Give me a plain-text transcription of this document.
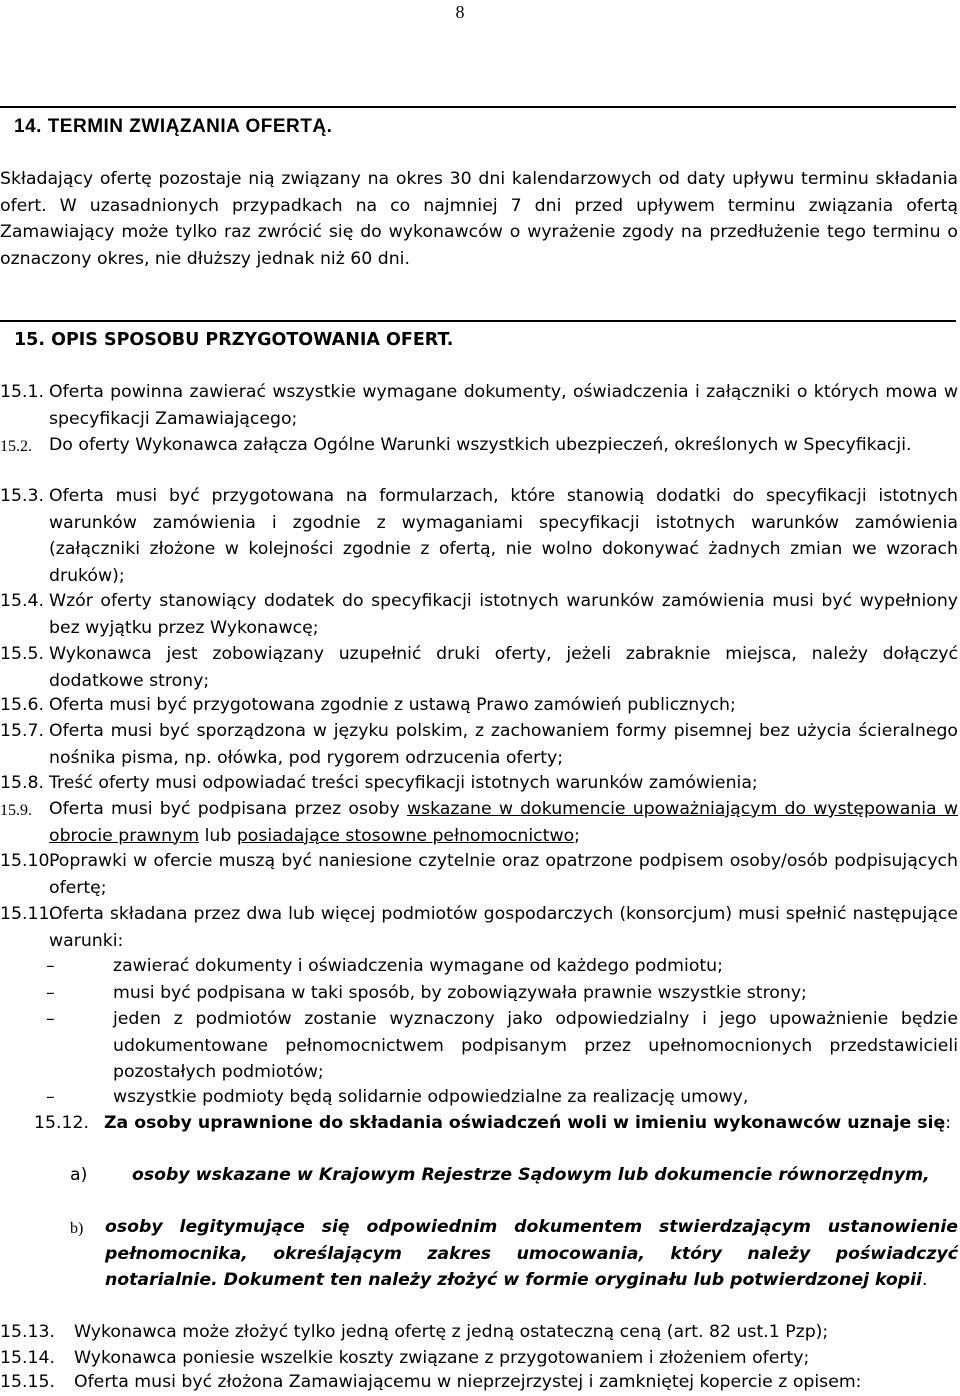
8
14. TERMIN ZWIĄZANIA OFERTĄ.
Składający ofertę pozostaje nią związany na okres 30 dni kalendarzowych od daty upływu terminu składania ofert. W uzasadnionych przypadkach na co najmniej 7 dni przed upływem terminu związania ofertą Zamawiający może tylko raz zwrócić się do wykonawców o wyrażenie zgody na przedłużenie tego terminu o oznaczony okres, nie dłuższy jednak niż 60 dni.
15. OPIS SPOSOBU PRZYGOTOWANIA OFERT.
15.1. Oferta powinna zawierać wszystkie wymagane dokumenty, oświadczenia i załączniki o których mowa w specyfikacji Zamawiającego;
15.2. Do oferty Wykonawca załącza Ogólne Warunki wszystkich ubezpieczeń, określonych w Specyfikacji.
15.3. Oferta musi być przygotowana na formularzach, które stanowią dodatki do specyfikacji istotnych warunków zamówienia i zgodnie z wymaganiami specyfikacji istotnych warunków zamówienia (załączniki złożone w kolejności zgodnie z ofertą, nie wolno dokonywać żadnych zmian we wzorach druków);
15.4. Wzór oferty stanowiący dodatek do specyfikacji istotnych warunków zamówienia musi być wypełniony bez wyjątku przez Wykonawcę;
15.5. Wykonawca jest zobowiązany uzupełnić druki oferty, jeżeli zabraknie miejsca, należy dołączyć dodatkowe strony;
15.6. Oferta musi być przygotowana zgodnie z ustawą Prawo zamówień publicznych;
15.7. Oferta musi być sporządzona w języku polskim, z zachowaniem formy pisemnej bez użycia ścieralnego nośnika pisma, np. ołówka, pod rygorem odrzucenia oferty;
15.8. Treść oferty musi odpowiadać treści specyfikacji istotnych warunków zamówienia;
15.9. Oferta musi być podpisana przez osoby wskazane w dokumencie upoważniającym do występowania w obrocie prawnym lub posiadające stosowne pełnomocnictwo;
15.10.
Poprawki w ofercie muszą być naniesione czytelnie oraz opatrzone podpisem osoby/osób podpisujących ofertę;
15.11.
Oferta składana przez dwa lub więcej podmiotów gospodarczych (konsorcjum) musi spełnić następujące warunki:
–	zawierać dokumenty i oświadczenia wymagane od każdego podmiotu;
–	musi być podpisana w taki sposób, by zobowiązywała prawnie wszystkie strony;
–	jeden z podmiotów zostanie wyznaczony jako odpowiedzialny i jego upoważnienie będzie udokumentowane pełnomocnictwem podpisanym przez upełnomocnionych przedstawicieli pozostałych podmiotów;
–	wszystkie podmioty będą solidarnie odpowiedzialne za realizację umowy,
15.12. Za osoby uprawnione do składania oświadczeń woli w imieniu wykonawców uznaje się:
a)	osoby wskazane w Krajowym Rejestrze Sądowym lub dokumencie równorzędnym,
b)	osoby legitymujące się odpowiednim dokumentem stwierdzającym ustanowienie pełnomocnika, określającym zakres umocowania, który należy poświadczyć notarialnie. Dokument ten należy złożyć w formie oryginału lub potwierdzonej kopii.
15.13.	Wykonawca może złożyć tylko jedną ofertę z jedną ostateczną ceną (art. 82 ust.1 Pzp);
15.14.	Wykonawca poniesie wszelkie koszty związane z przygotowaniem i złożeniem oferty;
15.15.	Oferta musi być złożona Zamawiającemu w nieprzejrzystej i zamkniętej kopercie z opisem:
